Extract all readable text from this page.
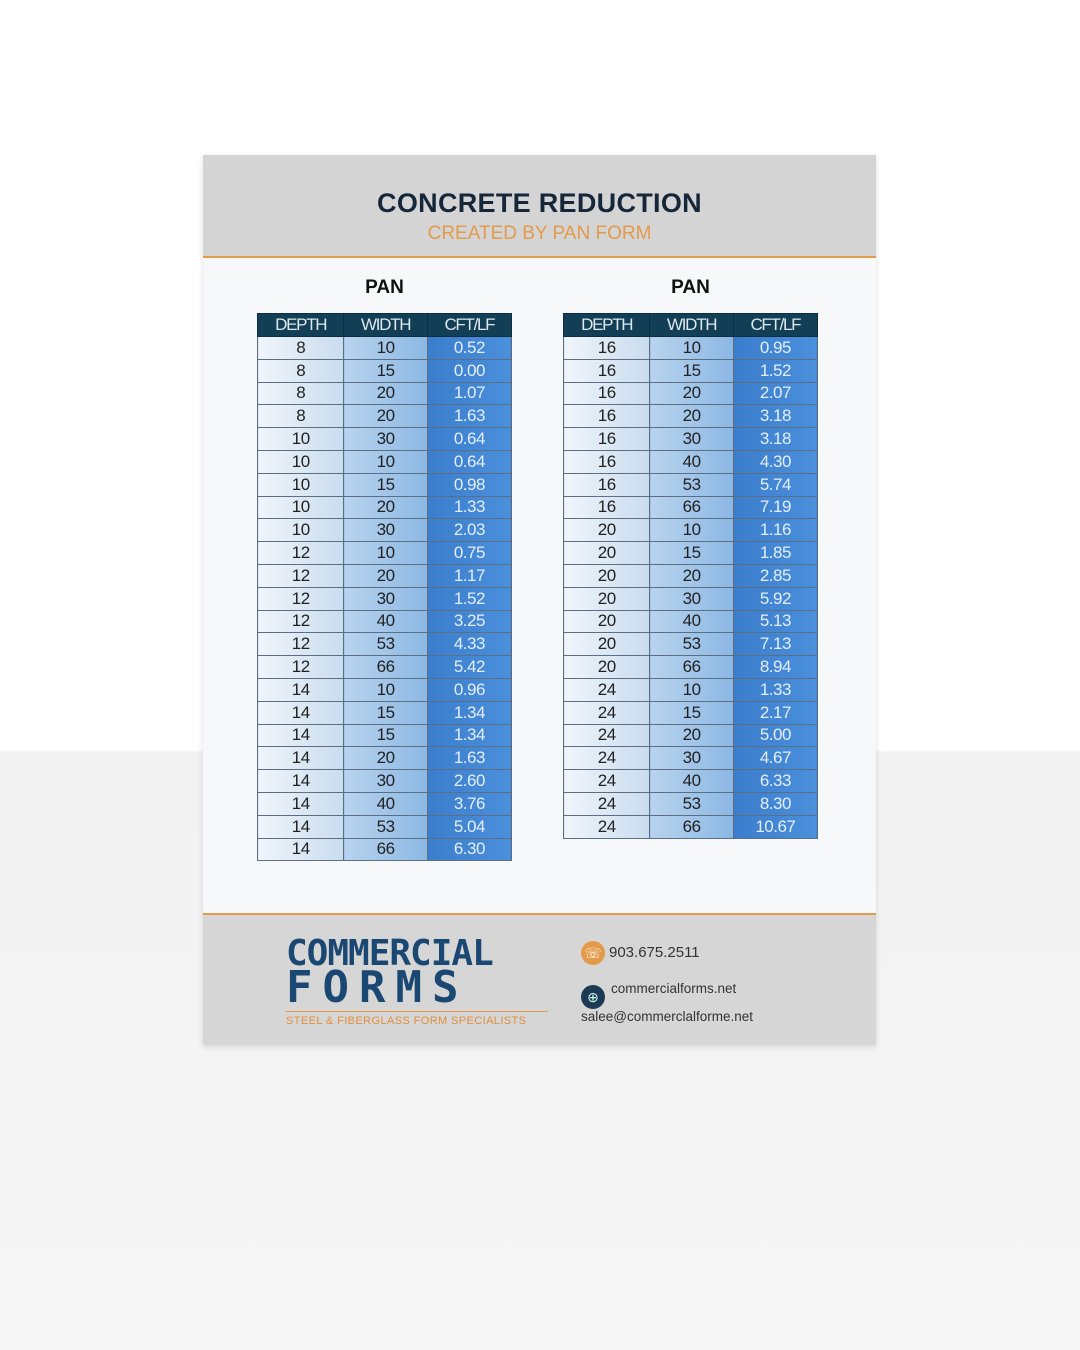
CONCRETE REDUCTION
CREATED BY PAN FORM
PAN
DEPTH	WIDTH	CFT/LF
8	10	0.52
8	15	0.00
8	20	1.07
8	20	1.63
10	30	0.64
10	10	0.64
10	15	0.98
10	20	1.33
10	30	2.03
12	10	0.75
12	20	1.17
12	30	1.52
12	40	3.25
12	53	4.33
12	66	5.42
14	10	0.96
14	15	1.34
14	15	1.34
14	20	1.63
14	30	2.60
14	40	3.76
14	53	5.04
14	66	6.30
PAN
DEPTH	WIDTH	CFT/LF
16	10	0.95
16	15	1.52
16	20	2.07
16	20	3.18
16	30	3.18
16	40	4.30
16	53	5.74
16	66	7.19
20	10	1.16
20	15	1.85
20	20	2.85
20	30	5.92
20	40	5.13
20	53	7.13
20	66	8.94
24	10	1.33
24	15	2.17
24	20	5.00
24	30	4.67
24	40	6.33
24	53	8.30
24	66	10.67
COMMERCIAL
FORMS
STEEL & FIBERGLASS FORM SPECIALISTS
☏ 903.675.2511
⊕
commercialforms.net
salee@commerclalforme.net
